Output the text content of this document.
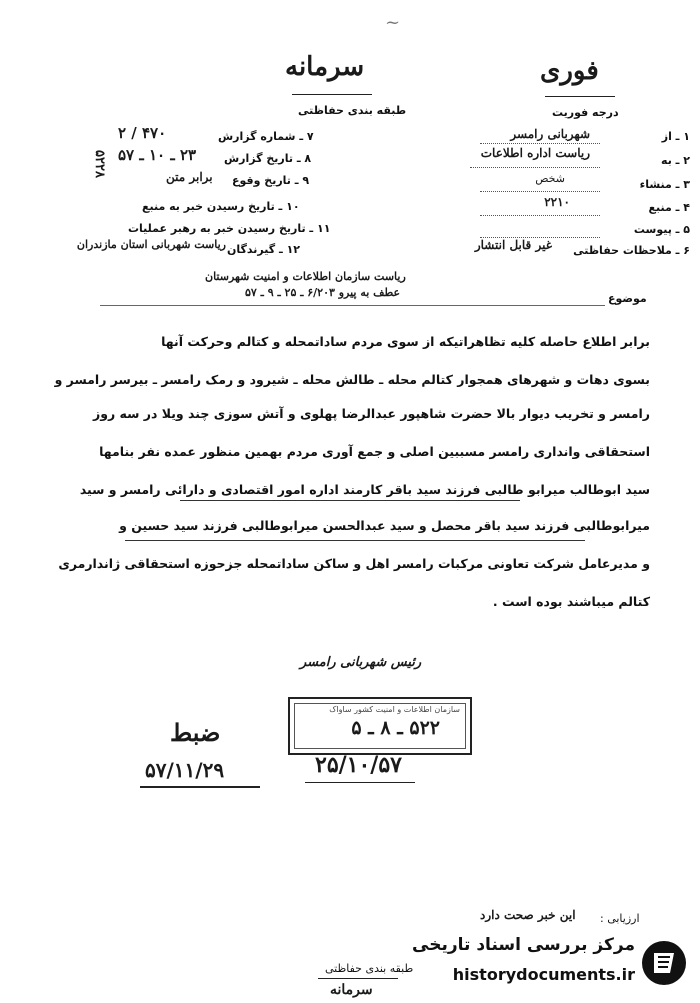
~
سرمانه	فوری
طبقه بندی حفاظتی	درجه فوریت
۱ ـ از
شهربانی رامسر
۲ ـ به
ریاست اداره اطلاعات
۳ ـ منشاء
شخص
۴ ـ منبع
۲۲۱۰
۵ ـ پیوست
۶ ـ ملاحظات حفاظتی
غیر قابل انتشار
۷ ـ شماره گزارش
۴۷۰ / ۲
۸ ـ تاریخ گزارش
۲۳ ـ ۱۰ ـ ۵۷
۹ ـ تاریخ وقوع
برابر متن
۱۰ ـ تاریخ رسیدن خبر به منبع
۱۱ ـ تاریخ رسیدن خبر به رهبر عملیات
۱۲ ـ گیرندگان
ریاست شهربانی استان مازندران
۵۲۲۸
ریاست سازمان اطلاعات و امنیت شهرستان
عطف به پیرو ۶/۲۰۳ ـ ۲۵ ـ ۹ ـ ۵۷	موضوع
برابر اطلاع حاصله کلیه تظاهراتیکه از سوی مردم ساداتمحله و کتالم وحرکت آنها
بسوی دهات و شهرهای همجوار کتالم محله ـ طالش محله ـ شیرود و رمک رامسر ـ بیرسر رامسر و
رامسر و تخریب دیوار بالا حضرت شاهپور عبدالرضا پهلوی و آتش سوزی چند ویلا در سه روز
استحقاقی وانداری رامسر مسببین اصلی و جمع آوری مردم بهمین منظور عمده نفر بنامها
سید ابوطالب میرابو طالبی فرزند سید باقر کارمند اداره امور اقتصادی و دارائی رامسر و سید
میرابوطالبی فرزند سید باقر محصل و سید عبدالحسن میرابوطالبی فرزند سید حسین و
و مدیرعامل شرکت تعاونی مرکبات رامسر اهل و ساکن ساداتمحله جزحوزه استحقاقی ژاندارمری
کتالم میباشند بوده است .
رئیس شهربانی رامسر
سازمان اطلاعات و امنیت کشور ساواک
۵۲۲ ـ ۸ ـ ۵
۲۵/۱۰/۵۷
ضبط
۵۷/۱۱/۲۹
ارزیابی :
این خبر صحت دارد
طبقه بندی حفاظتی
سرمانه
مرکز بررسی اسناد تاریخی
historydocuments.ir
